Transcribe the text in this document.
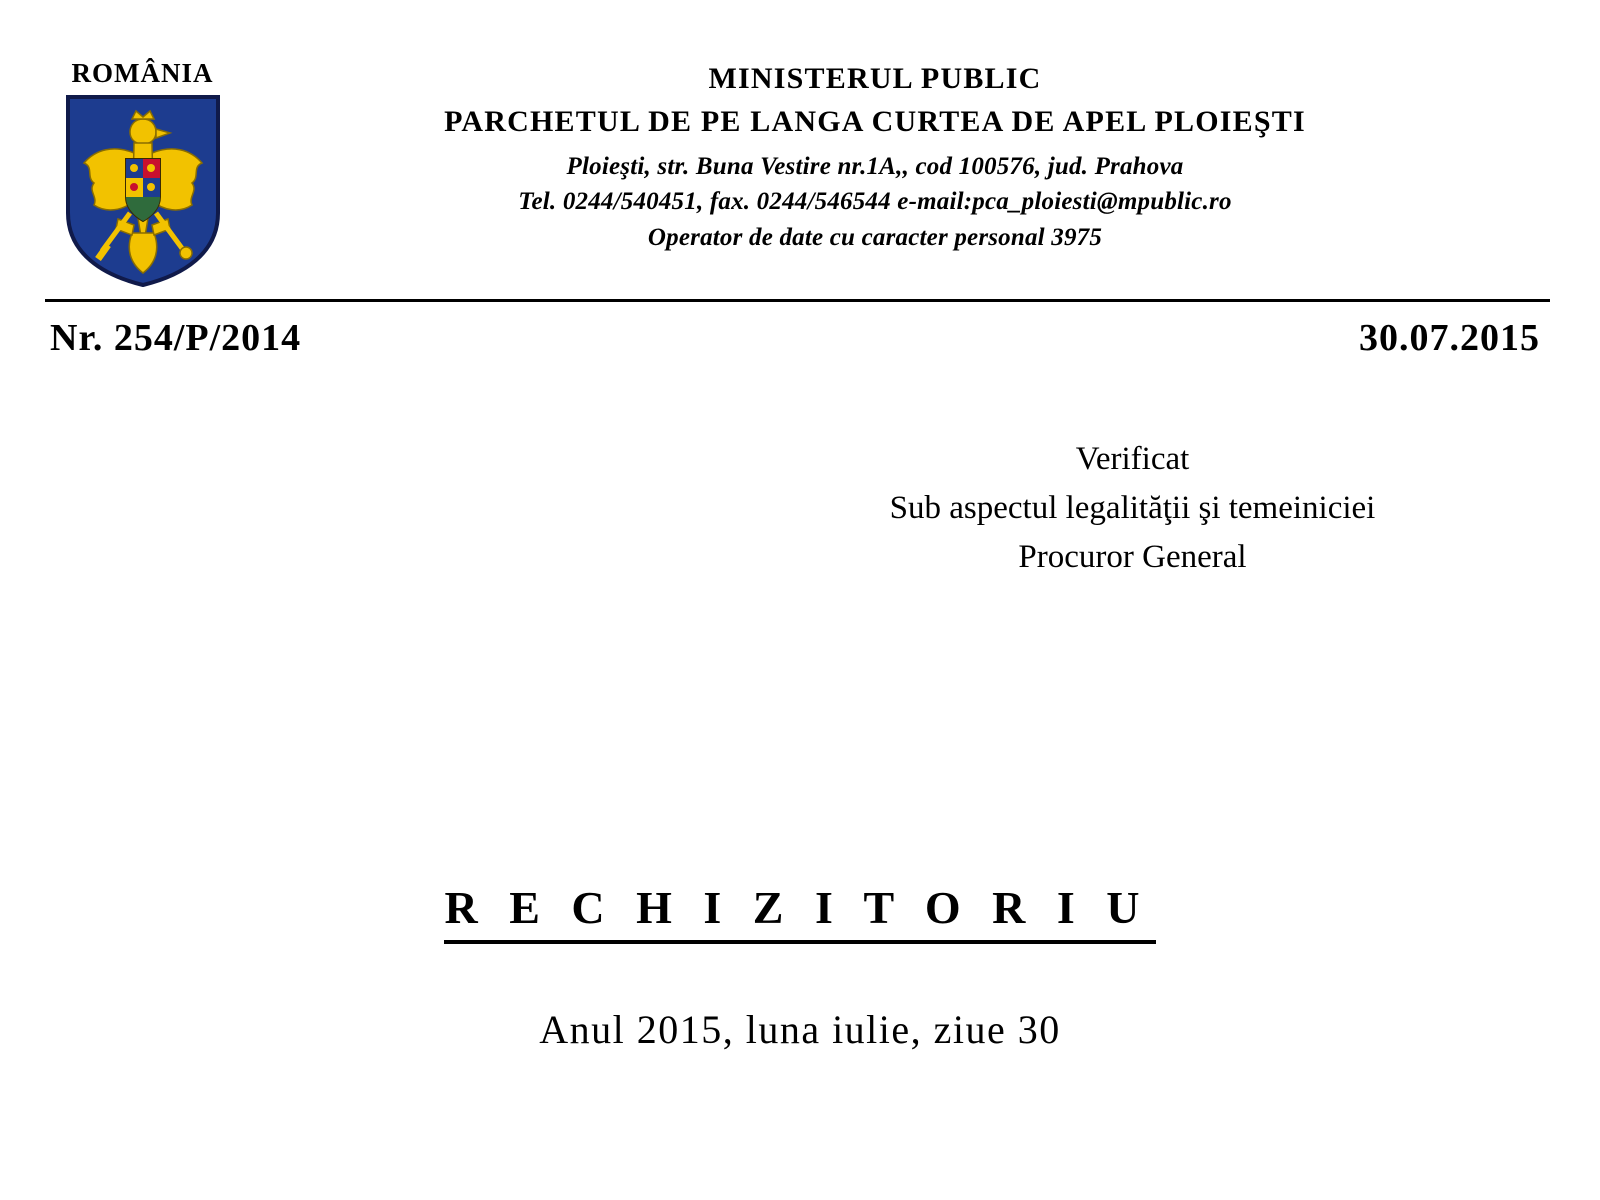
ROMÂNIA	MINISTERUL PUBLIC
PARCHETUL DE PE LANGA CURTEA DE APEL PLOIEŞTI
Ploieşti, str. Buna Vestire nr.1A,, cod 100576, jud. Prahova
Tel. 0244/540451, fax. 0244/546544 e-mail:pca_ploiesti@mpublic.ro
Operator de date cu caracter personal 3975
Nr. 254/P/2014	30.07.2015
Verificat
Sub aspectul legalităţii şi temeiniciei
Procuror General
R E C H I Z I T O R I U
Anul 2015, luna iulie, ziue 30
